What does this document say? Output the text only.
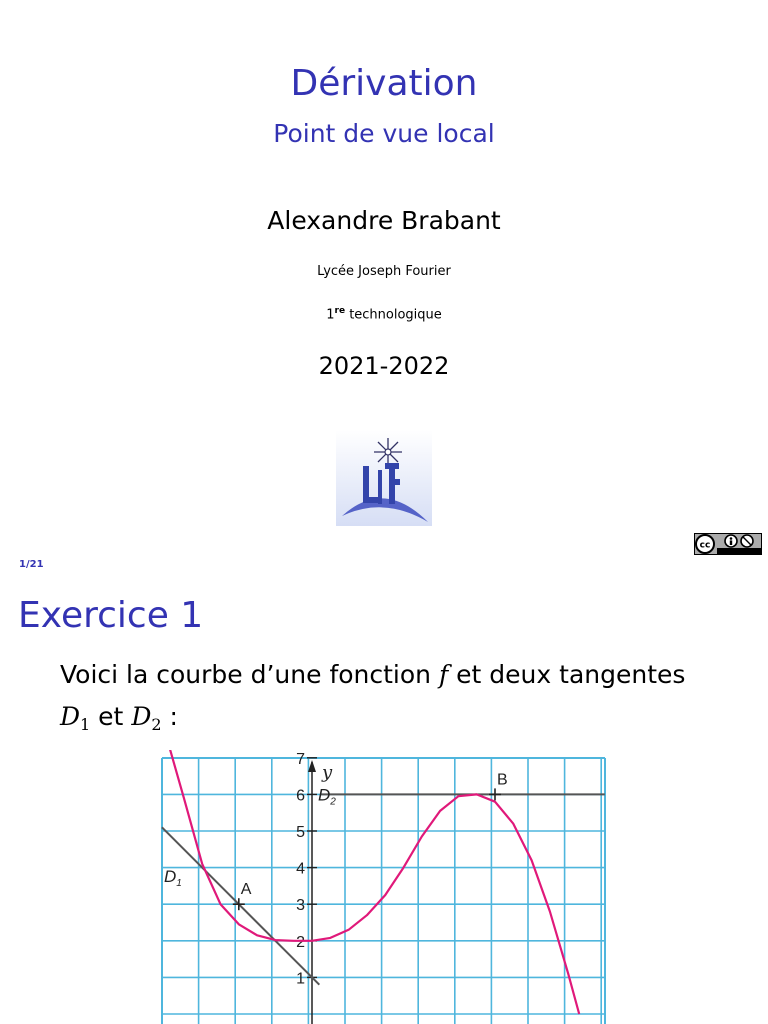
Dérivation
Point de vue local
Alexandre Brabant
Lycée Joseph Fourier
1re technologique
2021-2022
cc
1/21
Exercice 1
Voici la courbe d’une fonction f et deux tangentes
$D_1$ et $D_2$ :
y
1
2
3
4
5
6
7
$D_1$
$D_2$
A
B
